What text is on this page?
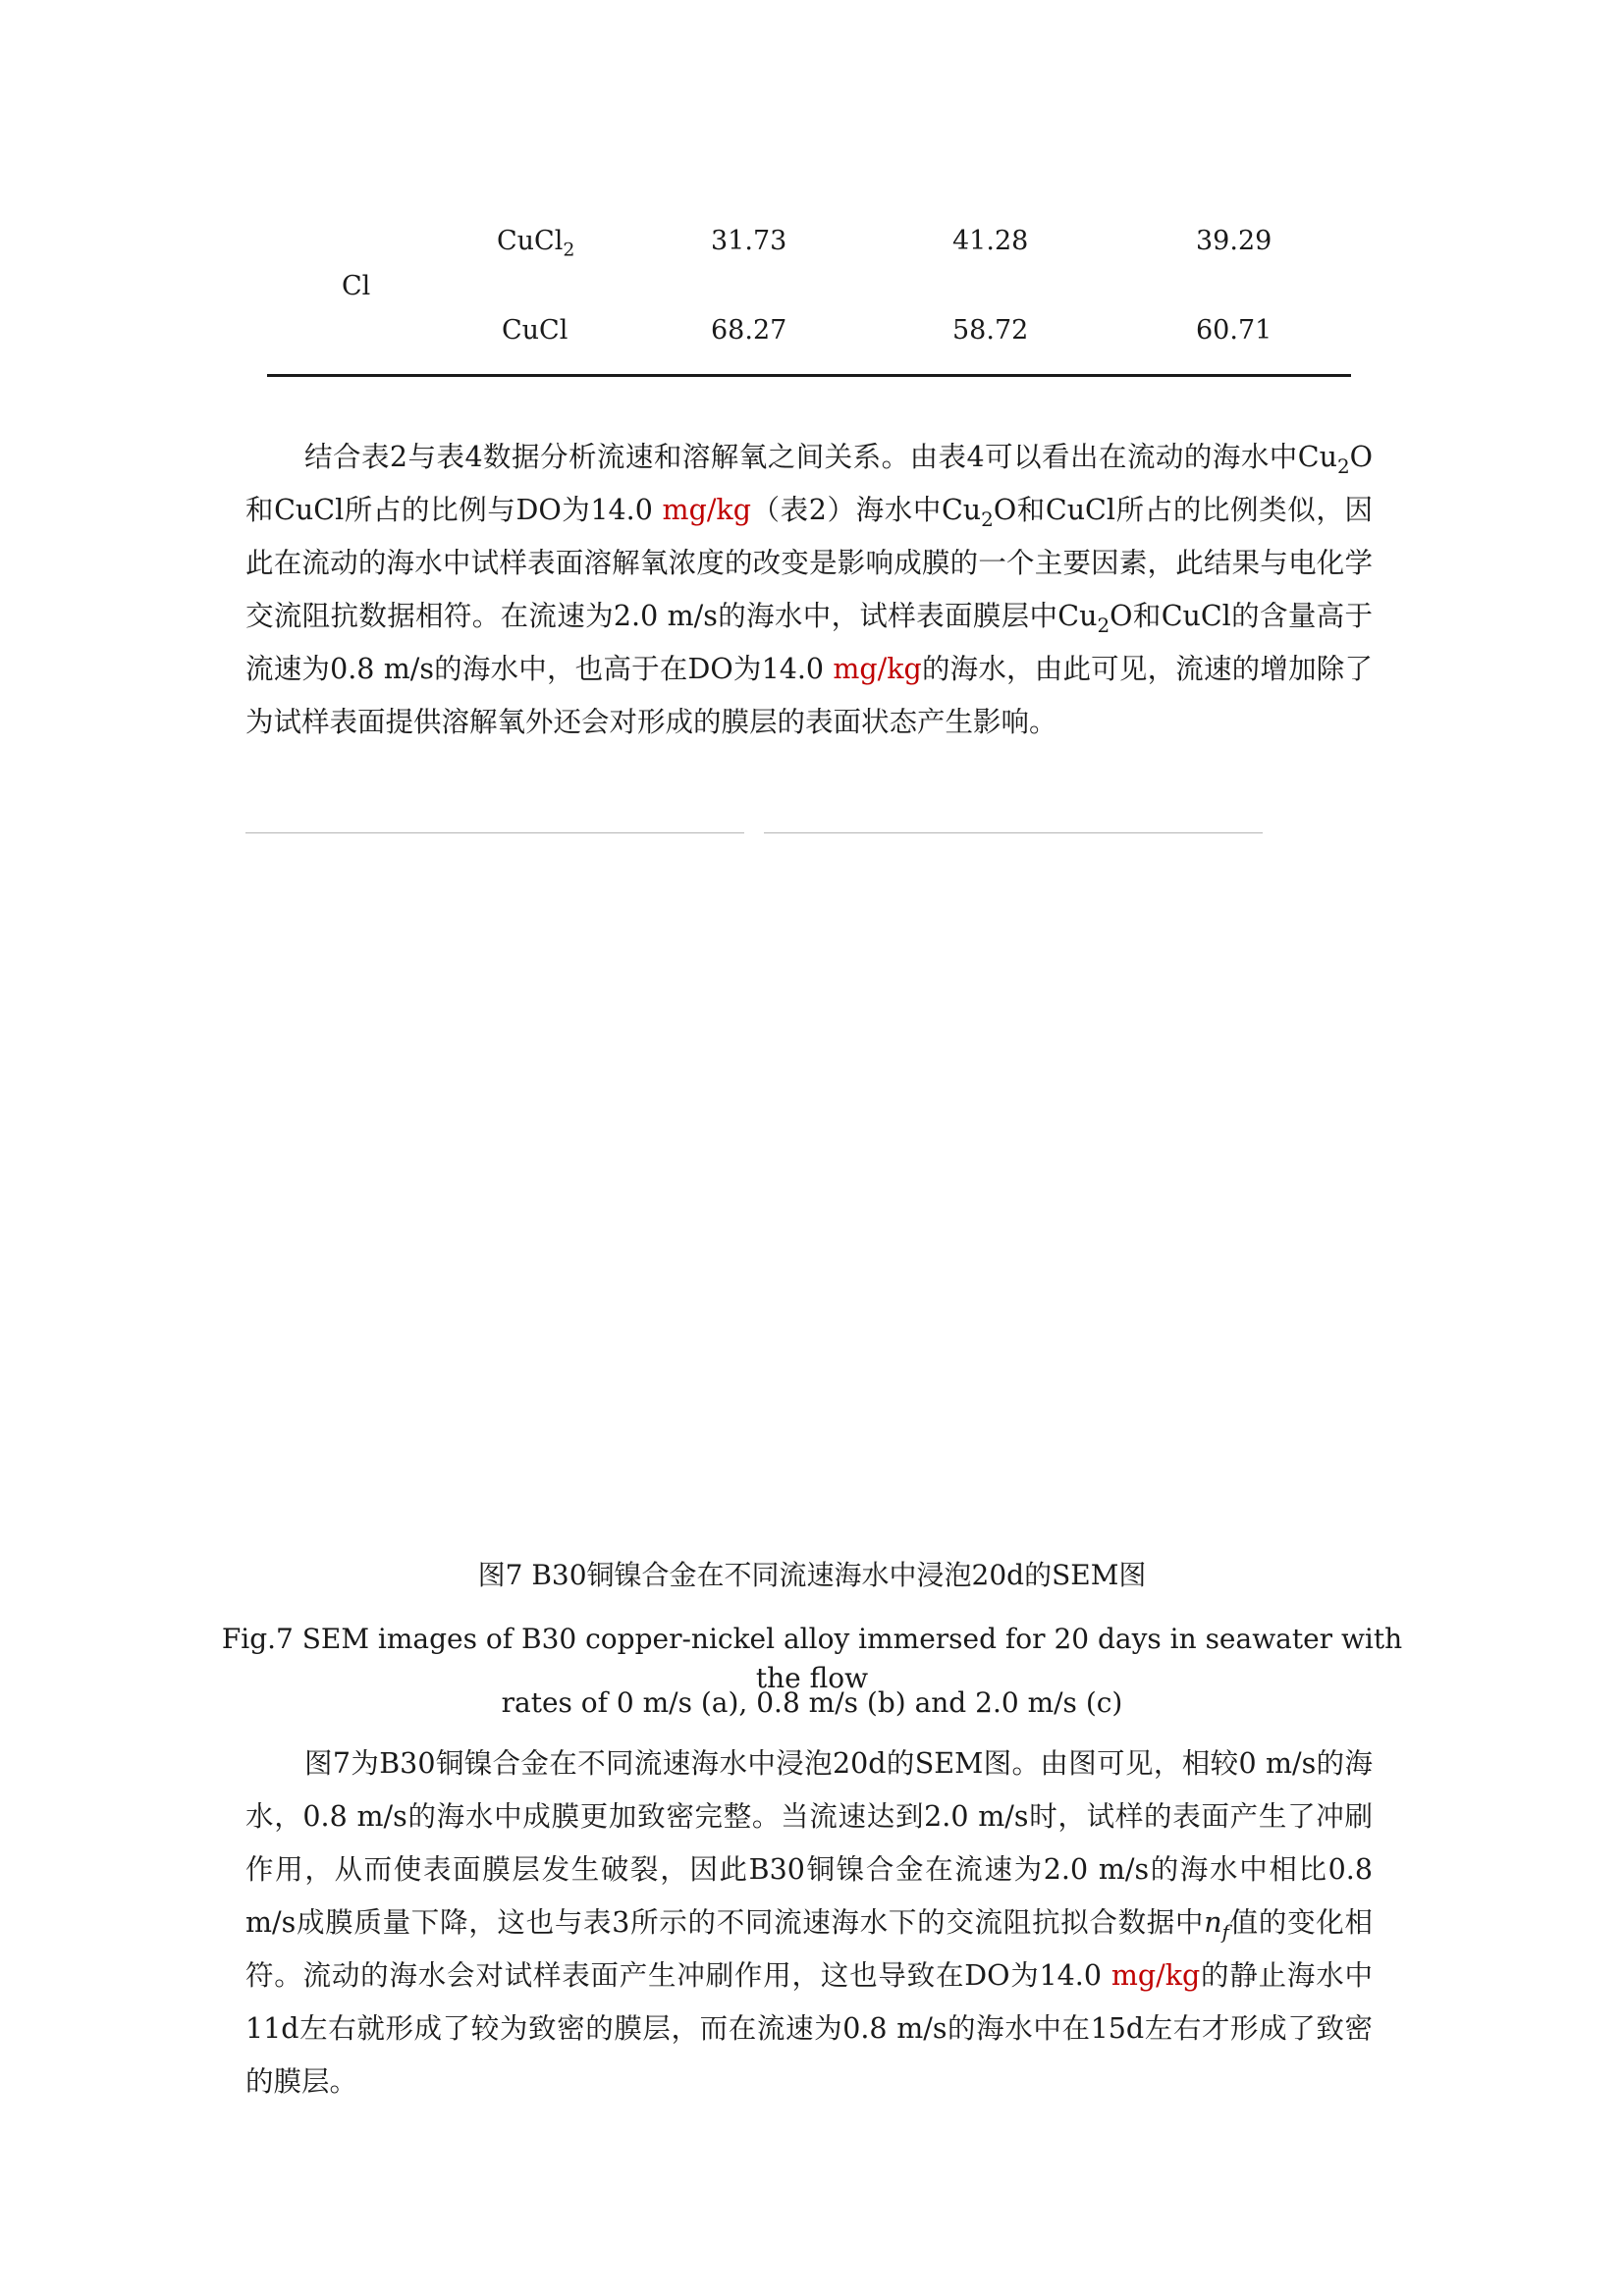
Cl
CuCl$_2$	31.73	41.28	39.29
CuCl	68.27	58.72	60.71

结合表2与表4数据分析流速和溶解氧之间关系。由表4可以看出在流动的海水中$Cu_2O$和CuCl所占的比例与DO为14.0 mg/kg（表2）海水中$Cu_2O$和CuCl所占的比例类似，因此在流动的海水中试样表面溶解氧浓度的改变是影响成膜的一个主要因素，此结果与电化学交流阻抗数据相符。在流速为2.0 m/s的海水中，试样表面膜层中$Cu_2O$和CuCl的含量高于流速为0.8 m/s的海水中，也高于在DO为14.0 mg/kg的海水，由此可见，流速的增加除了为试样表面提供溶解氧外还会对形成的膜层的表面状态产生影响。

图7 B30铜镍合金在不同流速海水中浸泡20d的SEM图
Fig.7 SEM images of B30 copper-nickel alloy immersed for 20 days in seawater with the flow
rates of 0 m/s (a), 0.8 m/s (b) and 2.0 m/s (c)

图7为B30铜镍合金在不同流速海水中浸泡20d的SEM图。由图可见，相较0 m/s的海水，0.8 m/s的海水中成膜更加致密完整。当流速达到2.0 m/s时，试样的表面产生了冲刷作用，从而使表面膜层发生破裂，因此B30铜镍合金在流速为2.0 m/s的海水中相比0.8 m/s成膜质量下降，这也与表3所示的不同流速海水下的交流阻抗拟合数据中$n_f$值的变化相符。流动的海水会对试样表面产生冲刷作用，这也导致在DO为14.0 mg/kg的静止海水中11d左右就形成了较为致密的膜层，而在流速为0.8 m/s的海水中在15d左右才形成了致密的膜层。
